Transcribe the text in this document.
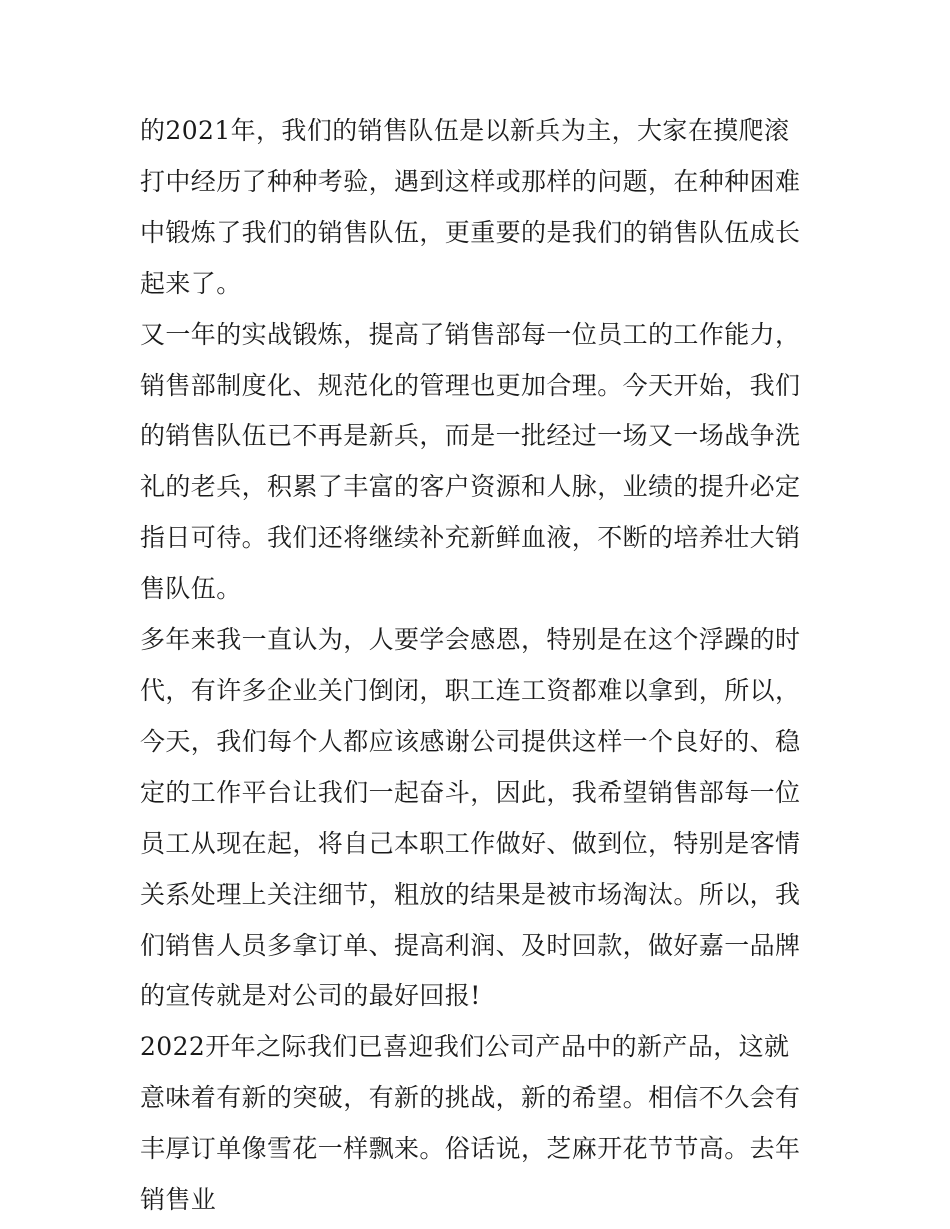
的2021年，我们的销售队伍是以新兵为主，大家在摸爬滚打中经历了种种考验，遇到这样或那样的问题，在种种困难中锻炼了我们的销售队伍，更重要的是我们的销售队伍成长起来了。

又一年的实战锻炼，提高了销售部每一位员工的工作能力，销售部制度化、规范化的管理也更加合理。今天开始，我们的销售队伍已不再是新兵，而是一批经过一场又一场战争洗礼的老兵，积累了丰富的客户资源和人脉，业绩的提升必定指日可待。我们还将继续补充新鲜血液，不断的培养壮大销售队伍。

多年来我一直认为，人要学会感恩，特别是在这个浮躁的时代，有许多企业关门倒闭，职工连工资都难以拿到，所以，今天，我们每个人都应该感谢公司提供这样一个良好的、稳定的工作平台让我们一起奋斗，因此，我希望销售部每一位员工从现在起，将自己本职工作做好、做到位，特别是客情关系处理上关注细节，粗放的结果是被市场淘汰。所以，我们销售人员多拿订单、提高利润、及时回款，做好嘉一品牌的宣传就是对公司的最好回报!

2022开年之际我们已喜迎我们公司产品中的新产品，这就意味着有新的突破，有新的挑战，新的希望。相信不久会有丰厚订单像雪花一样飘来。俗话说，芝麻开花节节高。去年销售业
